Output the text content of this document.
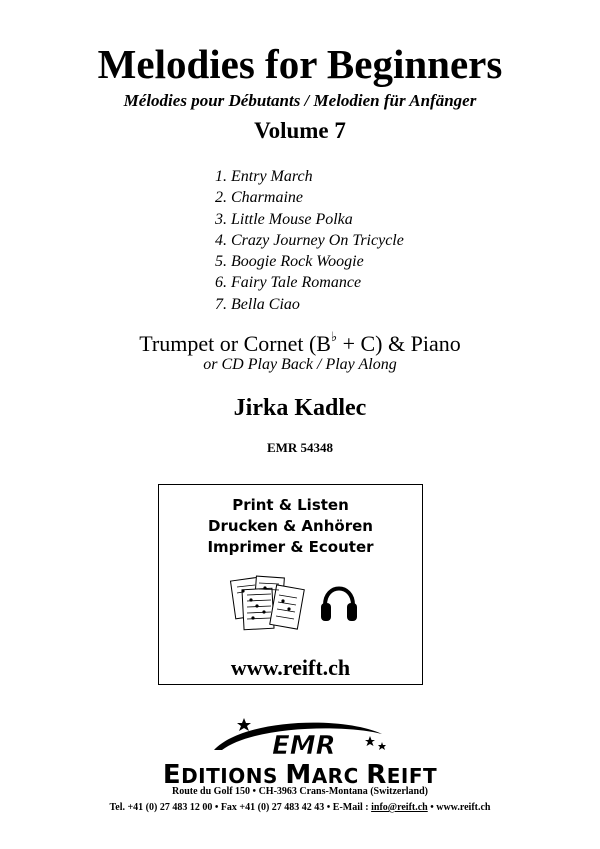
Melodies for Beginners
Mélodies pour Débutants / Melodien für Anfänger
Volume 7
1. Entry March
2. Charmaine
3. Little Mouse Polka
4. Crazy Journey On Tricycle
5. Boogie Rock Woogie
6. Fairy Tale Romance
7. Bella Ciao
Trumpet or Cornet (B♭ + C) & Piano
or CD Play Back / Play Along
Jirka Kadlec
EMR 54348
Print & Listen
Drucken & Anhören
Imprimer & Ecouter
www.reift.ch
EMR
EDITIONS MARC REIFT
Route du Golf 150 • CH-3963 Crans-Montana (Switzerland)
Tel. +41 (0) 27 483 12 00 • Fax +41 (0) 27 483 42 43 • E-Mail : info@reift.ch • www.reift.ch
